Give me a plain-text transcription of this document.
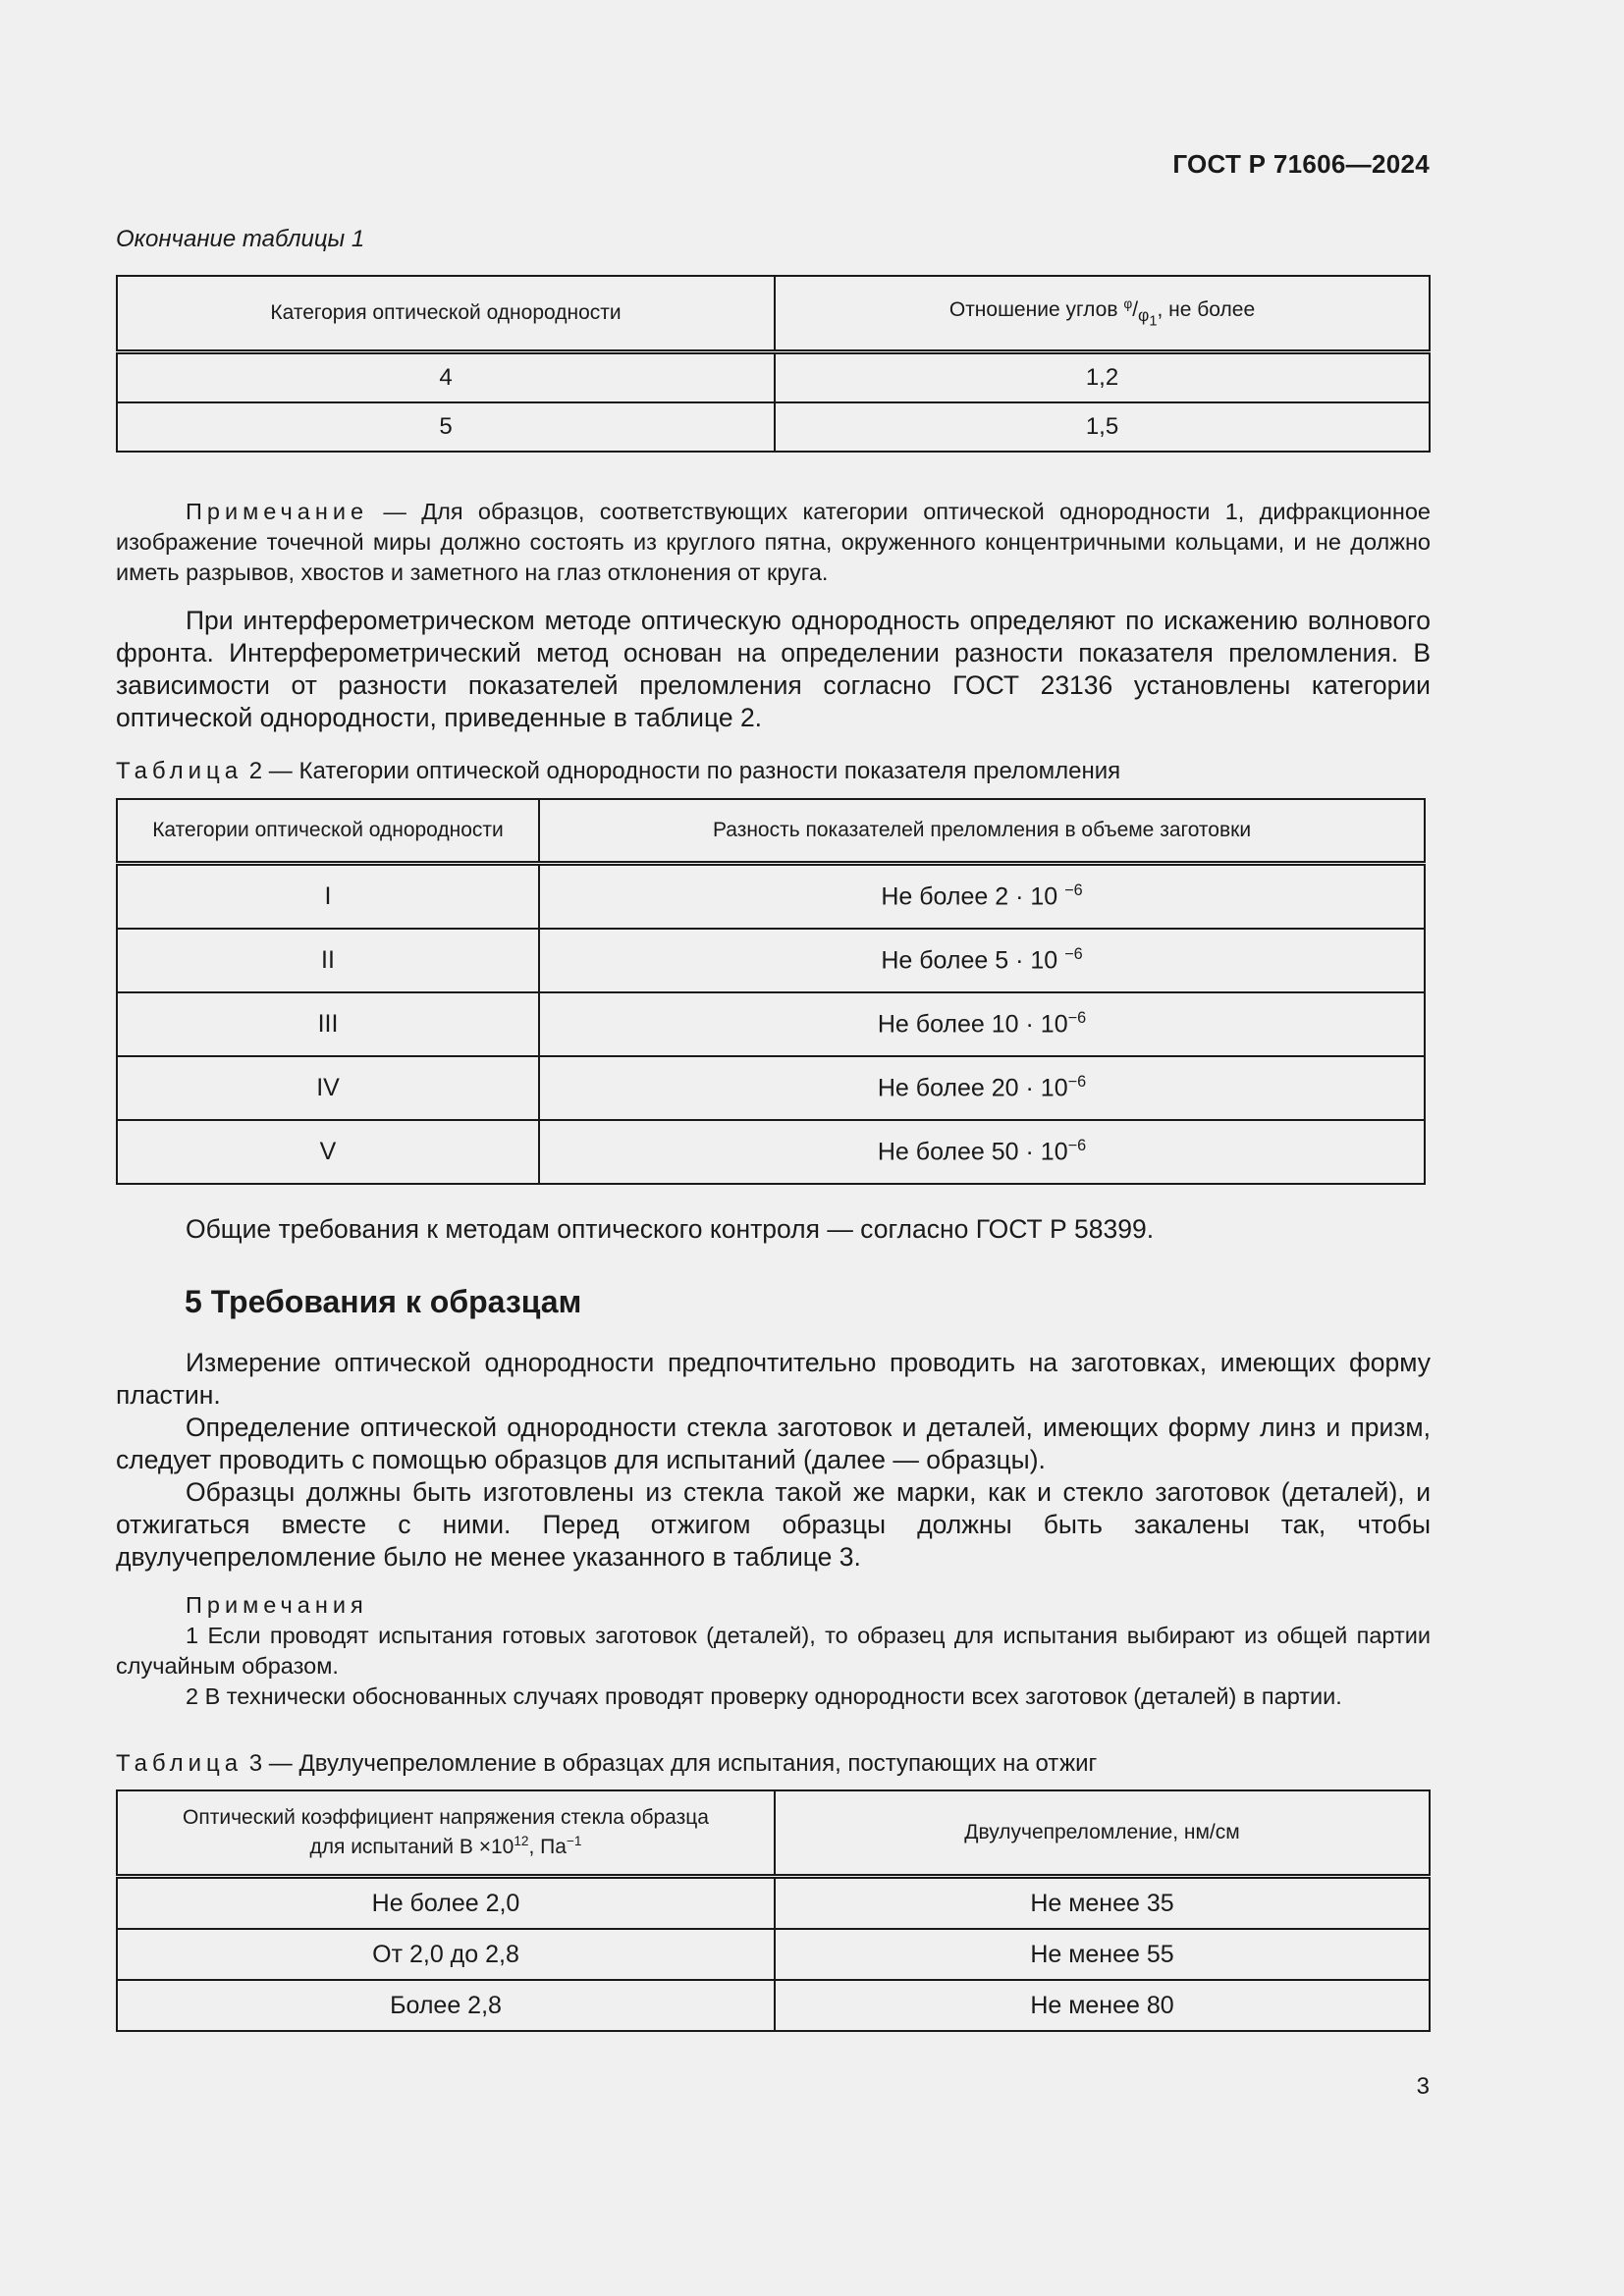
ГОСТ Р 71606—2024
Окончание таблицы 1
Категория оптической однородности	Отношение углов $^\varphi/_{\varphi_1}$, не более
4	1,2
5	1,5
Примечание — Для образцов, соответствующих категории оптической однородности 1, дифракционное изображение точечной миры должно состоять из круглого пятна, окруженного концентричными кольцами, и не должно иметь разрывов, хвостов и заметного на глаз отклонения от круга.
При интерферометрическом методе оптическую однородность определяют по искажению волнового фронта. Интерферометрический метод основан на определении разности показателя преломления. В зависимости от разности показателей преломления согласно ГОСТ 23136 установлены категории оптической однородности, приведенные в таблице 2.
Таблица 2 — Категории оптической однородности по разности показателя преломления
Категории оптической однородности	Разность показателей преломления в объеме заготовки
I	Не более 2 · 10 $^{-6}$
II	Не более 5 · 10 $^{-6}$
III	Не более $10 \cdot 10^{-6}$
IV	Не более $20 \cdot 10^{-6}$
V	Не более $50 \cdot 10^{-6}$
Общие требования к методам оптического контроля — согласно ГОСТ Р 58399.
5 Требования к образцам
Измерение оптической однородности предпочтительно проводить на заготовках, имеющих форму пластин.
Определение оптической однородности стекла заготовок и деталей, имеющих форму линз и призм, следует проводить с помощью образцов для испытаний (далее — образцы).
Образцы должны быть изготовлены из стекла такой же марки, как и стекло заготовок (деталей), и отжигаться вместе с ними. Перед отжигом образцы должны быть закалены так, чтобы двулучепреломление было не менее указанного в таблице 3.
Примечания
1 Если проводят испытания готовых заготовок (деталей), то образец для испытания выбирают из общей партии случайным образом.
2 В технически обоснованных случаях проводят проверку однородности всех заготовок (деталей) в партии.
Таблица 3 — Двулучепреломление в образцах для испытания, поступающих на отжиг
Оптический коэффициент напряжения стекла образца
для испытаний $В \times 10^{12}$, $Па^{-1}$	Двулучепреломление, нм/см
Не более 2,0	Не менее 35
От 2,0 до 2,8	Не менее 55
Более 2,8	Не менее 80
3
